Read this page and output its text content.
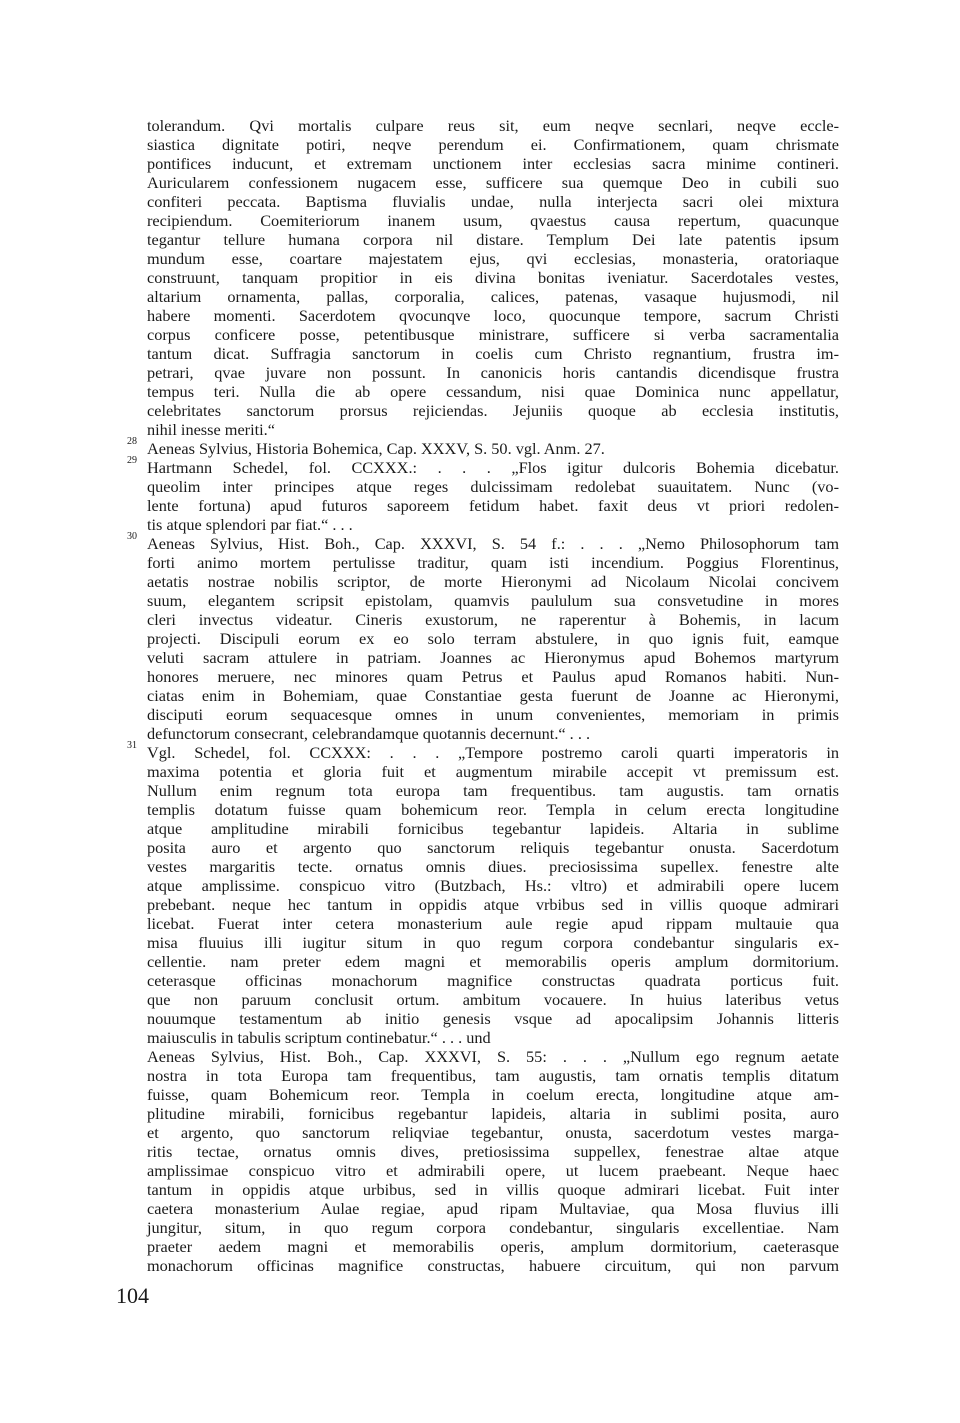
tolerandum. Qvi mortalis culpare reus sit, eum neqve secnlari, neqve eccle-
siastica dignitate potiri, neqve perendum ei. Confirmationem, quam chrismate
pontifices inducunt, et extremam unctionem inter ecclesias sacra minime contineri.
Auricularem confessionem nugacem esse, sufficere sua quemque Deo in cubili suo
confiteri peccata. Baptisma fluvialis undae, nulla interjecta sacri olei mixtura
recipiendum. Coemiteriorum inanem usum, qvaestus causa repertum, quacunque
tegantur tellure humana corpora nil distare. Templum Dei late patentis ipsum
mundum esse, coartare majestatem ejus, qvi ecclesias, monasteria, oratoriaque
construunt, tanquam propitior in eis divina bonitas iveniatur. Sacerdotales vestes,
altarium ornamenta, pallas, corporalia, calices, patenas, vasaque hujusmodi, nil
habere momenti. Sacerdotem qvocunqve loco, quocunque tempore, sacrum Christi
corpus conficere posse, petentibusque ministrare, sufficere si verba sacramentalia
tantum dicat. Suffragia sanctorum in coelis cum Christo regnantium, frustra im-
petrari, qvae juvare non possunt. In canonicis horis cantandis dicendisque frustra
tempus teri. Nulla die ab opere cessandum, nisi quae Dominica nunc appellatur,
celebritates sanctorum prorsus rejiciendas. Jejuniis quoque ab ecclesia institutis,
nihil inesse meriti.“
28 Aeneas Sylvius, Historia Bohemica, Cap. XXXV, S. 50. vgl. Anm. 27.
29 Hartmann Schedel, fol. CCXXX.: . . . „Flos igitur dulcoris Bohemia dicebatur.
queolim inter principes atque reges dulcissimam redolebat suauitatem. Nunc (vo-
lente fortuna) apud futuros saporeem fetidum habet. faxit deus vt priori redolen-
tis atque splendori par fiat.“ . . .
30 Aeneas Sylvius, Hist. Boh., Cap. XXXVI, S. 54 f.: . . . „Nemo Philosophorum tam
forti animo mortem pertulisse traditur, quam isti incendium. Poggius Florentinus,
aetatis nostrae nobilis scriptor, de morte Hieronymi ad Nicolaum Nicolai concivem
suum, elegantem scripsit epistolam, quamvis paululum sua consvetudine in mores
cleri invectus videatur. Cineris exustorum, ne raperentur à Bohemis, in lacum
projecti. Discipuli eorum ex eo solo terram abstulere, in quo ignis fuit, eamque
veluti sacram attulere in patriam. Joannes ac Hieronymus apud Bohemos martyrum
honores meruere, nec minores quam Petrus et Paulus apud Romanos habiti. Nun-
ciatas enim in Bohemiam, quae Constantiae gesta fuerunt de Joanne ac Hieronymi,
disciputi eorum sequacesque omnes in unum convenientes, memoriam in primis
defunctorum consecrant, celebrandamque quotannis decernunt.“ . . .
31 Vgl. Schedel, fol. CCXXX: . . . „Tempore postremo caroli quarti imperatoris in
maxima potentia et gloria fuit et augmentum mirabile accepit vt premissum est.
Nullum enim regnum tota europa tam frequentibus. tam augustis. tam ornatis
templis dotatum fuisse quam bohemicum reor. Templa in celum erecta longitudine
atque amplitudine mirabili fornicibus tegebantur lapideis. Altaria in sublime
posita auro et argento quo sanctorum reliquis tegebantur onusta. Sacerdotum
vestes margaritis tecte. ornatus omnis diues. preciosissima supellex. fenestre alte
atque amplissime. conspicuo vitro (Butzbach, Hs.: vltro) et admirabili opere lucem
prebebant. neque hec tantum in oppidis atque vrbibus sed in villis quoque admirari
licebat. Fuerat inter cetera monasterium aule regie apud rippam multauie qua
misa fluuius illi iugitur situm in quo regum corpora condebantur singularis ex-
cellentie. nam preter edem magni et memorabilis operis amplum dormitorium.
ceterasque officinas monachorum magnifice constructas quadrata porticus fuit.
que non paruum conclusit ortum. ambitum vocauere. In huius lateribus vetus
nouumque testamentum ab initio genesis vsque ad apocalipsim Johannis litteris
maiusculis in tabulis scriptum continebatur.“ . . . und
Aeneas Sylvius, Hist. Boh., Cap. XXXVI, S. 55: . . . „Nullum ego regnum aetate
nostra in tota Europa tam frequentibus, tam augustis, tam ornatis templis ditatum
fuisse, quam Bohemicum reor. Templa in coelum erecta, longitudine atque am-
plitudine mirabili, fornicibus regebantur lapideis, altaria in sublimi posita, auro
et argento, quo sanctorum reliqviae tegebantur, onusta, sacerdotum vestes marga-
ritis tectae, ornatus omnis dives, pretiosissima suppellex, fenestrae altae atque
amplissimae conspicuo vitro et admirabili opere, ut lucem praebeant. Neque haec
tantum in oppidis atque urbibus, sed in villis quoque admirari licebat. Fuit inter
caetera monasterium Aulae regiae, apud ripam Multaviae, qua Mosa fluvius illi
jungitur, situm, in quo regum corpora condebantur, singularis excellentiae. Nam
praeter aedem magni et memorabilis operis, amplum dormitorium, caeterasque
monachorum officinas magnifice constructas, habuere circuitum, qui non parvum
104
